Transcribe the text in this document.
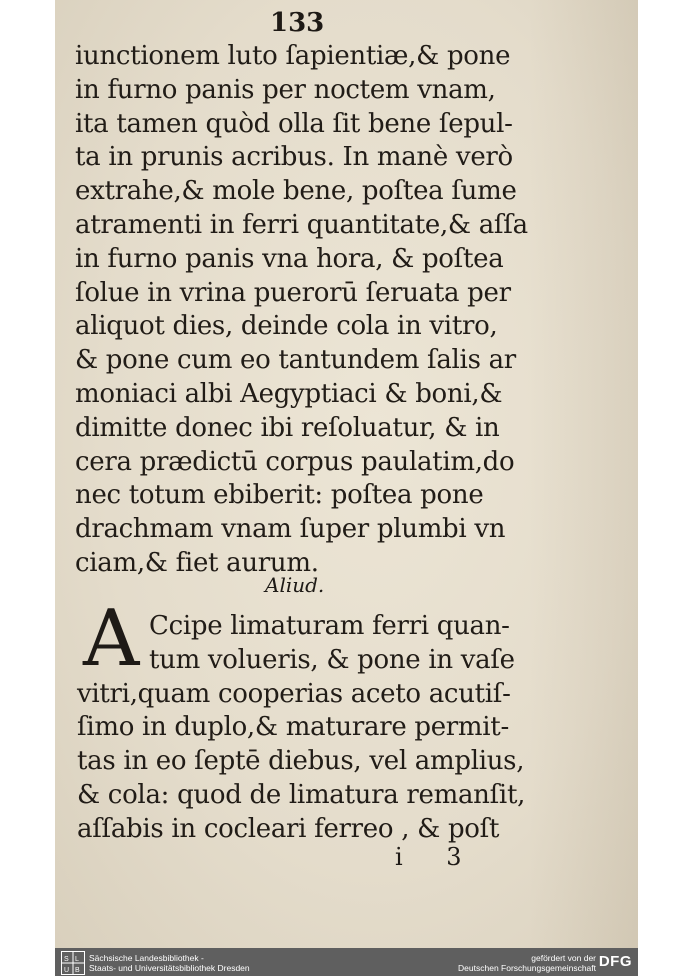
133
iunctionem luto ſapientiæ,& pone
in furno panis per noctem vnam,
ita tamen quòd olla ſit bene ſepul-
ta in prunis acribus. In manè verò
extrahe,& mole bene, poſtea ſume
atramenti in ferri quantitate,& aſſa
in furno panis vna hora, & poſtea
ſolue in vrina puerorū ſeruata per
aliquot dies, deinde cola in vitro,
& pone cum eo tantundem ſalis ar
moniaci albi Aegyptiaci & boni,&
dimitte donec ibi reſoluatur, & in
cera prædictū corpus paulatim,do
nec totum ebiberit: poſtea pone
drachmam vnam ſuper plumbi vn
ciam,& fiet aurum.
Aliud.
A Ccipe limaturam ferri quan-
tum volueris, & pone in vaſe
vitri,quam cooperias aceto acutiſ-
ſimo in duplo,& maturare permit-
tas in eo ſeptē diebus, vel amplius,
& cola: quod de limatura remanſit,
aſſabis in cocleari ferreo , & poſt
i 3
S L
U B
Sächsische Landesbibliothek -
Staats- und Universitätsbibliothek Dresden
gefördert von der
Deutschen Forschungsgemeinschaft DFG
